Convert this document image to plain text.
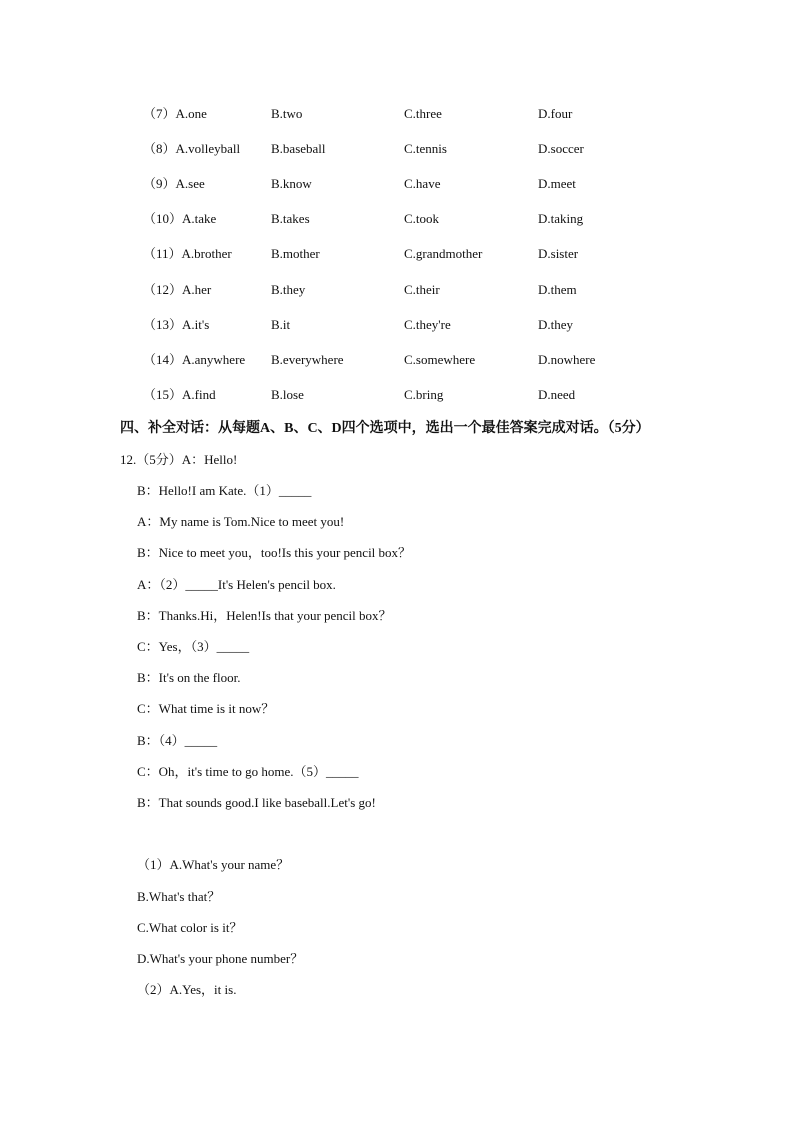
（7）A.one	B.two	C.three	D.four
（8）A.volleyball B.baseball	C.tennis	D.soccer
（9）A.see	B.know	C.have	D.meet
（10）A.take	B.takes	C.took	D.taking
（11）A.brother	B.mother	C.grandmother	D.sister
（12）A.her	B.they	C.their	D.them
（13）A.it's	B.it	C.they're	D.they
（14）A.anywhere B.everywhere	C.somewhere	D.nowhere
（15）A.find	B.lose	C.bring	D.need
四、补全对话：从每题A、B、C、D四个选项中，选出一个最佳答案完成对话。（5分）
12.（5分）A：Hello!
B：Hello!I am Kate.（1）_____
A：My name is Tom.Nice to meet you!
B：Nice to meet you，too!Is this your pencil box？
A：（2）_____It's Helen's pencil box.
B：Thanks.Hi，Helen!Is that your pencil box？
C：Yes，（3）_____
B：It's on the floor.
C：What time is it now？
B：（4）_____
C：Oh，it's time to go home.（5）_____
B：That sounds good.I like baseball.Let's go!
（1）A.What's your name？
B.What's that？
C.What color is it？
D.What's your phone number？
（2）A.Yes，it is.
